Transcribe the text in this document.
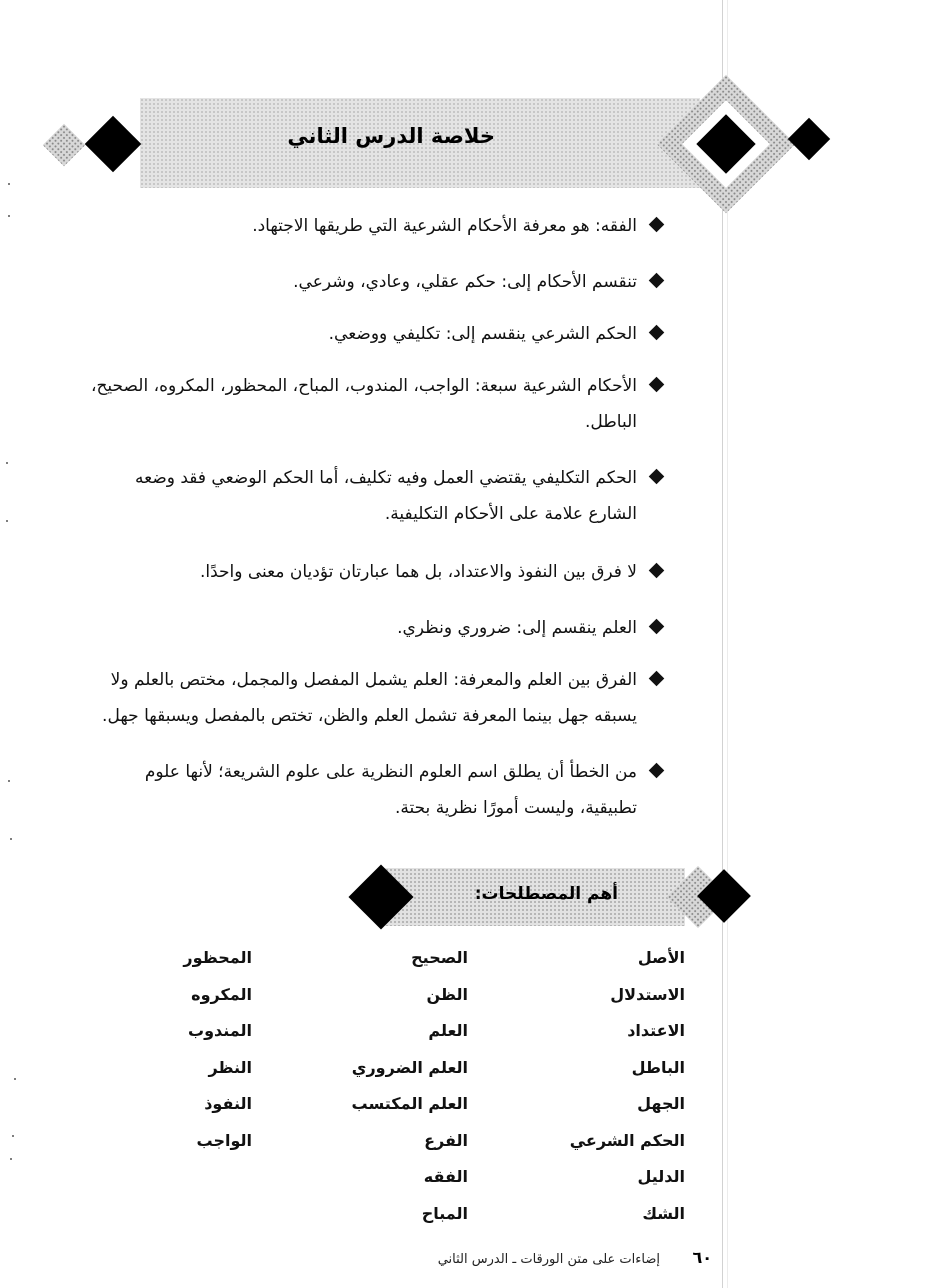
خلاصة الدرس الثاني
الفقه: هو معرفة الأحكام الشرعية التي طريقها الاجتهاد.
تنقسم الأحكام إلى: حكم عقلي، وعادي، وشرعي.
الحكم الشرعي ينقسم إلى: تكليفي ووضعي.
الأحكام الشرعية سبعة: الواجب، المندوب، المباح، المحظور، المكروه، الصحيح، الباطل.
الحكم التكليفي يقتضي العمل وفيه تكليف، أما الحكم الوضعي فقد وضعه الشارع علامة على الأحكام التكليفية.
لا فرق بين النفوذ والاعتداد، بل هما عبارتان تؤديان معنى واحدًا.
العلم ينقسم إلى: ضروري ونظري.
الفرق بين العلم والمعرفة: العلم يشمل المفصل والمجمل، مختص بالعلم ولا يسبقه جهل بينما المعرفة تشمل العلم والظن، تختص بالمفصل ويسبقها جهل.
من الخطأ أن يطلق اسم العلوم النظرية على علوم الشريعة؛ لأنها علوم تطبيقية، وليست أمورًا نظرية بحتة.
أهم المصطلحات:
الأصل
الاستدلال
الاعتداد
الباطل
الجهل
الحكم الشرعي
الدليل
الشك
الصحيح
الظن
العلم
العلم الضروري
العلم المكتسب
الفرع
الفقه
المباح
المحظور
المكروه
المندوب
النظر
النفوذ
الواجب
٦٠
إضاءات على متن الورقات ـ الدرس الثاني
